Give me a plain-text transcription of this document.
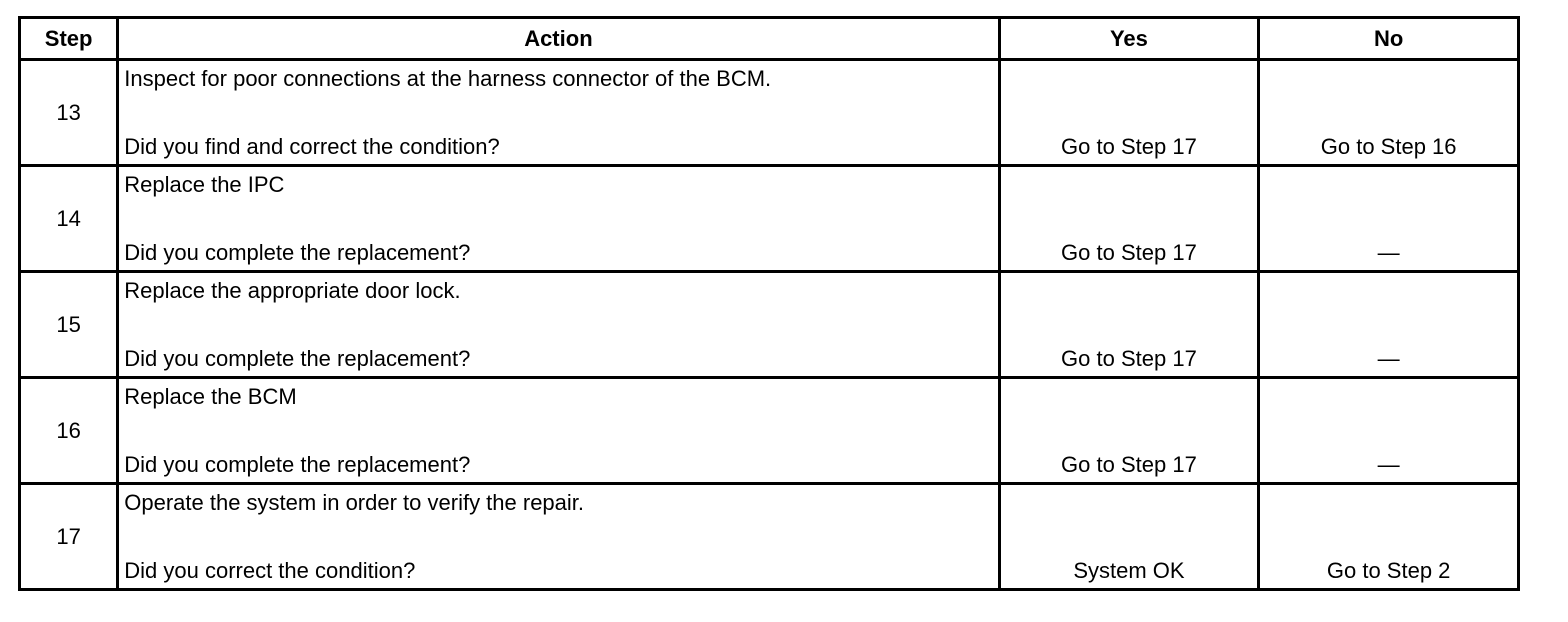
Step	Action	Yes	No
13	Inspect for poor connections at the harness connector of the BCM.
Did you find and correct the condition?	Go to Step 17	Go to Step 16

14	Replace the IPC
Did you complete the replacement?	Go to Step 17	—

15	Replace the appropriate door lock.
Did you complete the replacement?	Go to Step 17	—

16	Replace the BCM
Did you complete the replacement?	Go to Step 17	—

17	Operate the system in order to verify the repair.
Did you correct the condition?	System OK	Go to Step 2
